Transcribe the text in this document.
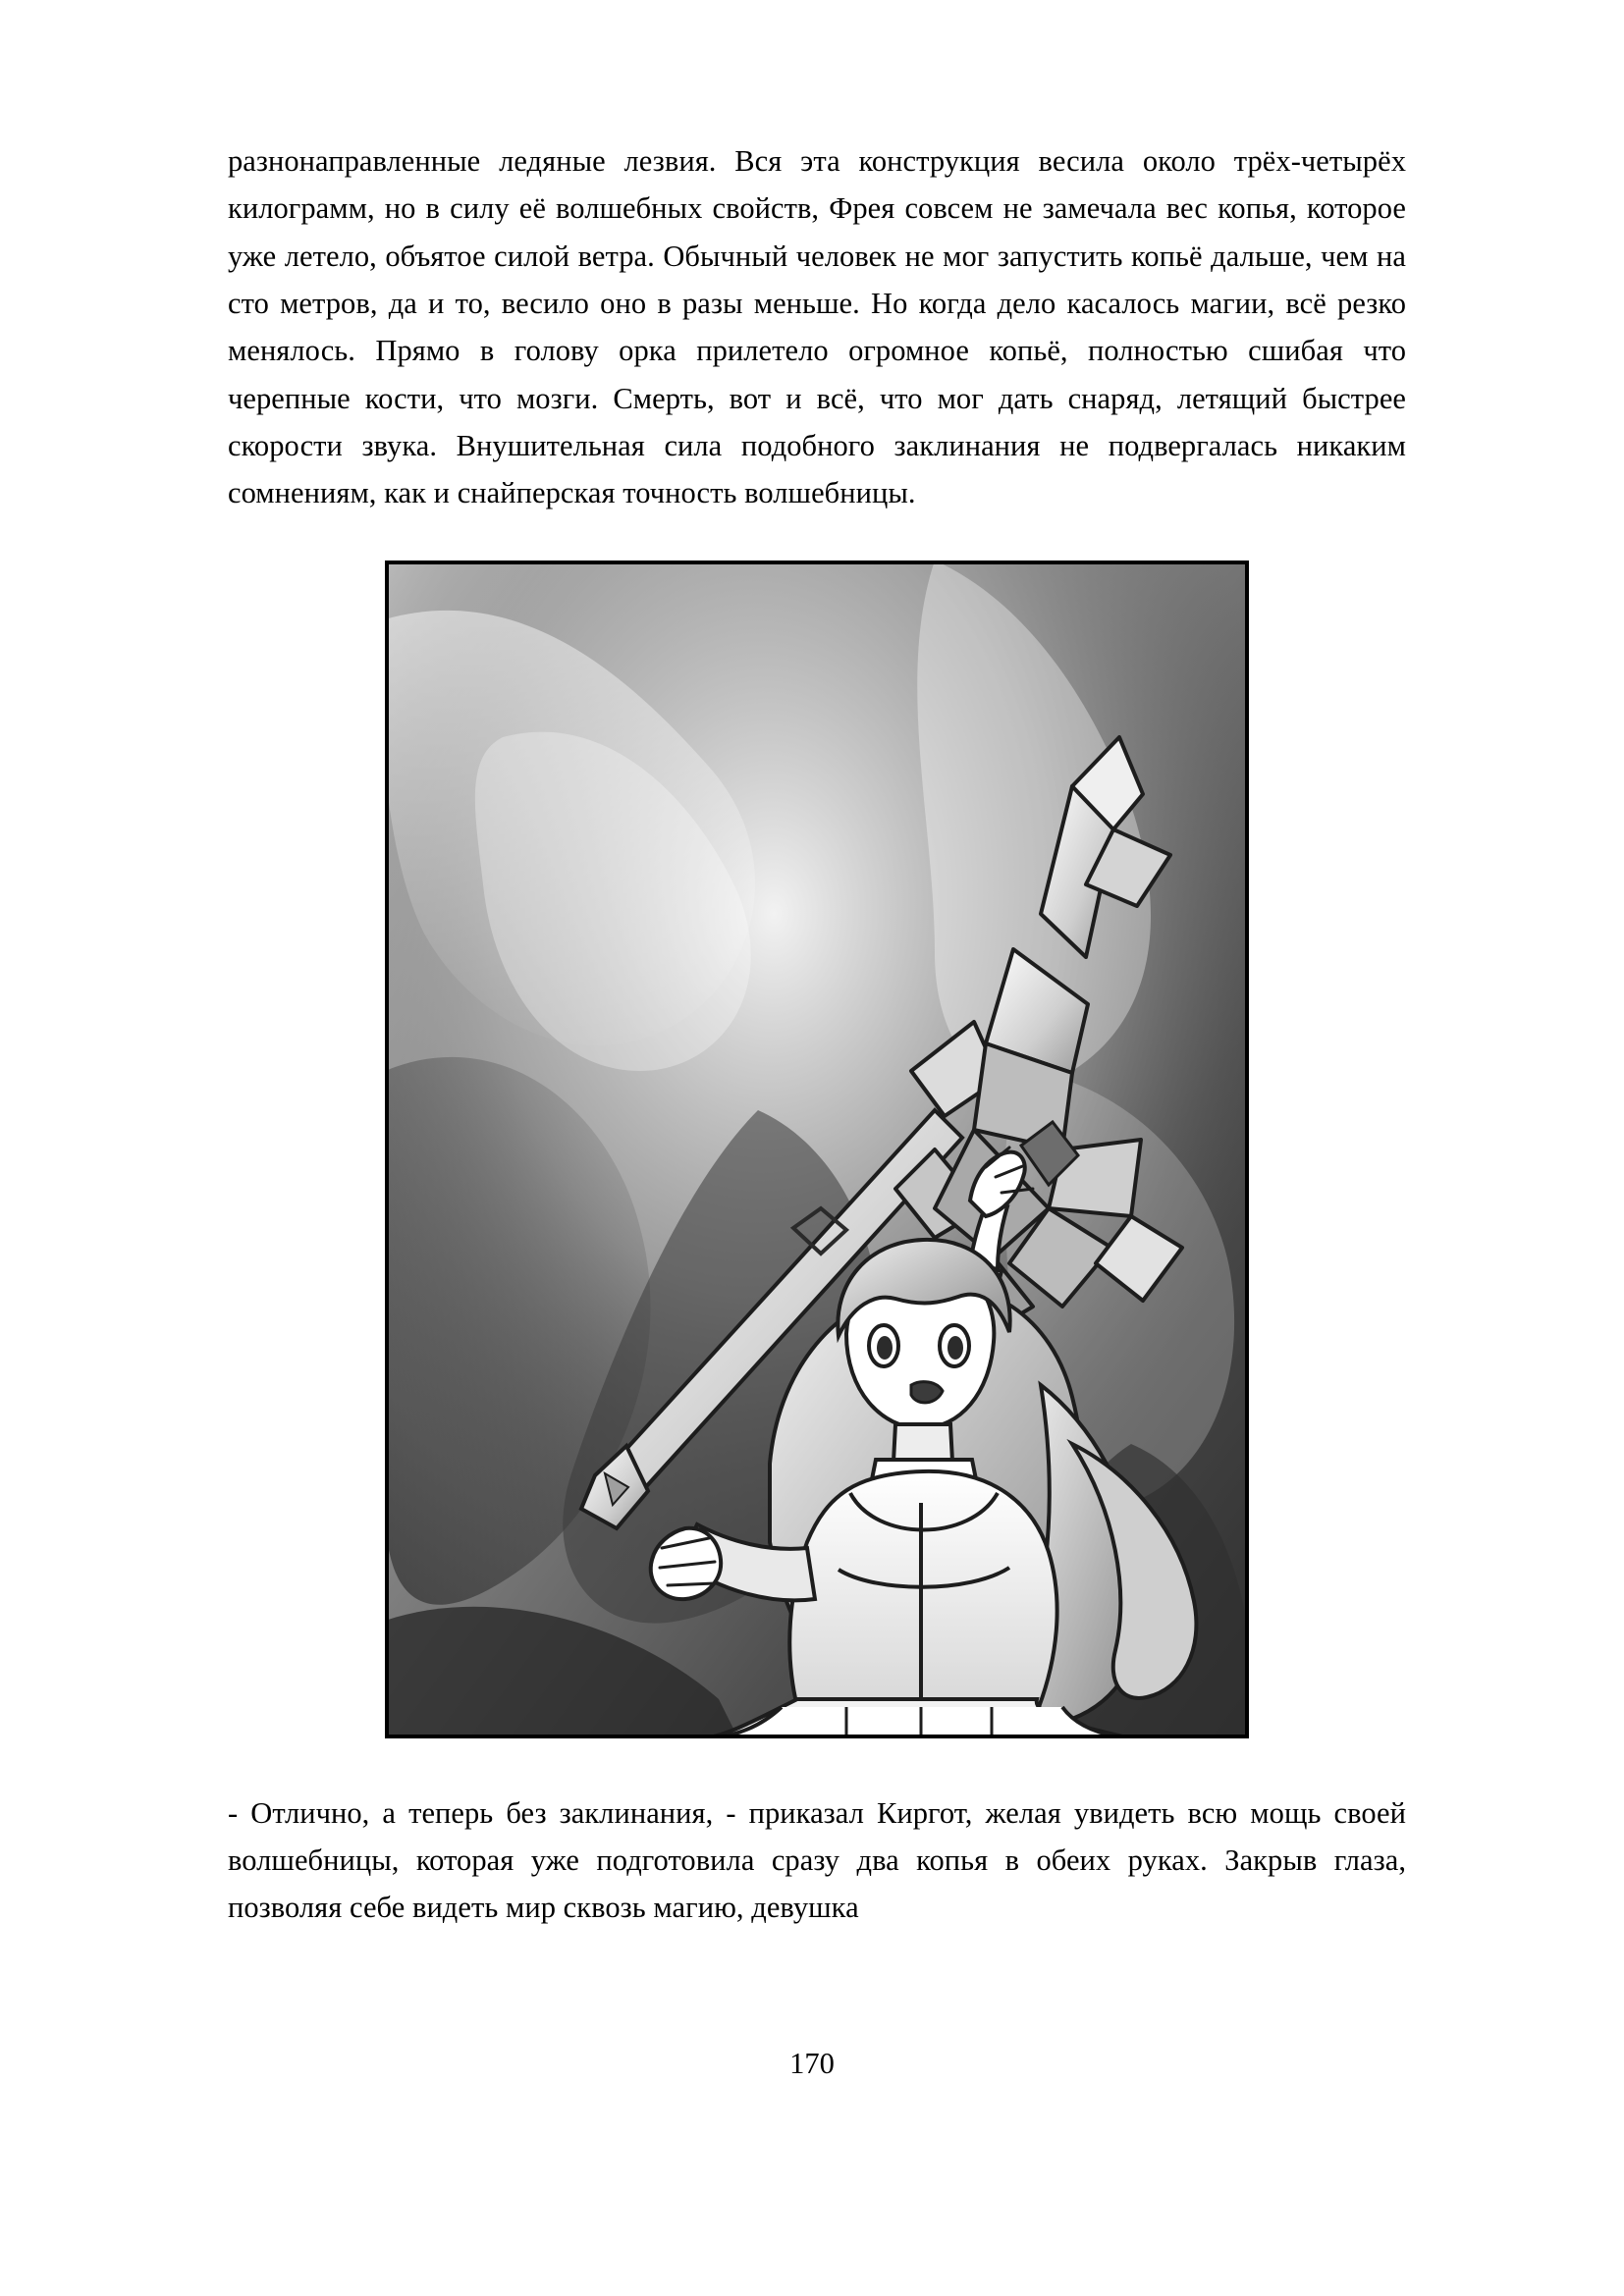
разнонаправленные ледяные лезвия. Вся эта конструкция весила около трёх-четырёх килограмм, но в силу её волшебных свойств, Фрея совсем не замечала вес копья, которое уже летело, объятое силой ветра. Обычный человек не мог запустить копьё дальше, чем на сто метров, да и то, весило оно в разы меньше. Но когда дело касалось магии, всё резко менялось. Прямо в голову орка прилетело огромное копьё, полностью сшибая что черепные кости, что мозги. Смерть, вот и всё, что мог дать снаряд, летящий быстрее скорости звука. Внушительная сила подобного заклинания не подвергалась никаким сомнениям, как и снайперская точность волшебницы.

- Отлично, а теперь без заклинания, - приказал Киргот, желая увидеть всю мощь своей волшебницы, которая уже подготовила сразу два копья в обеих руках. Закрыв глаза, позволяя себе видеть мир сквозь магию, девушка

170
